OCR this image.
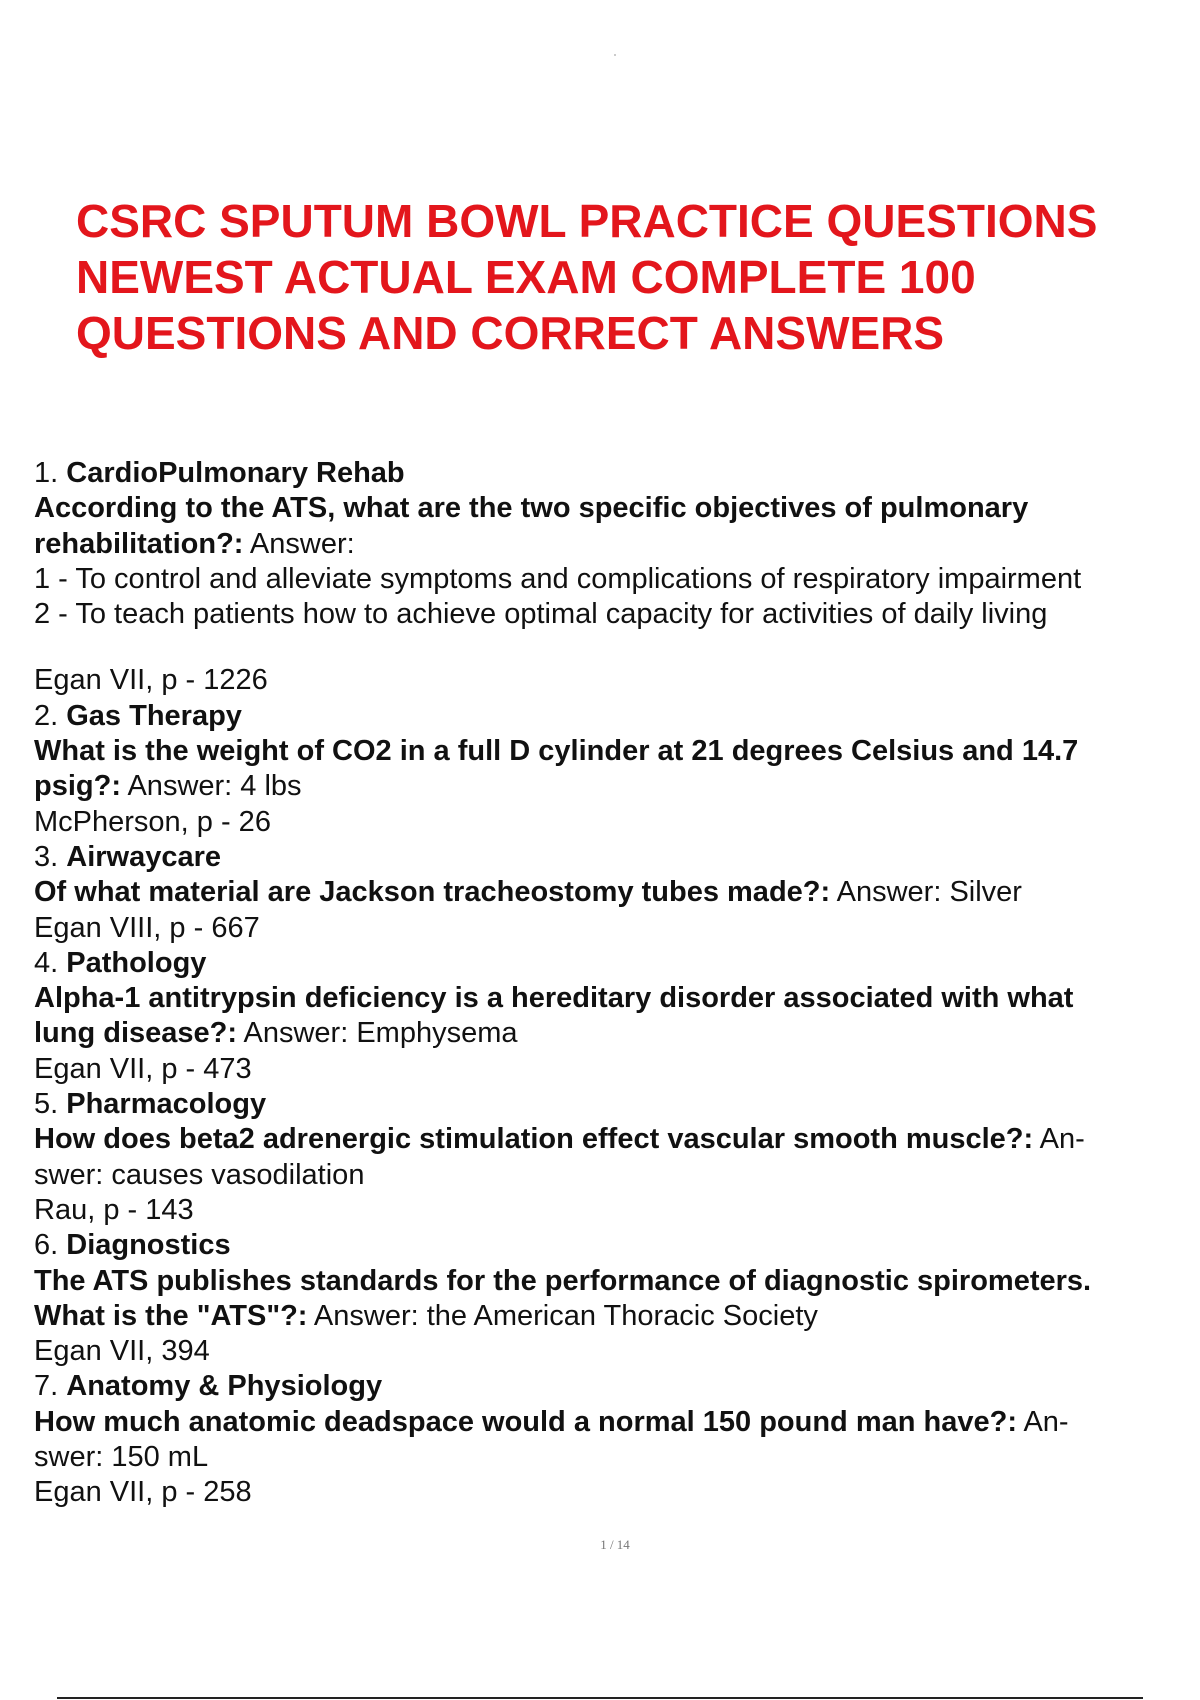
CSRC SPUTUM BOWL PRACTICE QUESTIONS
NEWEST ACTUAL EXAM COMPLETE 100
QUESTIONS AND CORRECT ANSWERS
1. CardioPulmonary Rehab
According to the ATS, what are the two specific objectives of pulmonary
rehabilitation?: Answer:
1 - To control and alleviate symptoms and complications of respiratory impairment
2 - To teach patients how to achieve optimal capacity for activities of daily living
Egan VII, p - 1226
2. Gas Therapy
What is the weight of CO2 in a full D cylinder at 21 degrees Celsius and 14.7
psig?: Answer: 4 lbs
McPherson, p - 26
3. Airwaycare
Of what material are Jackson tracheostomy tubes made?: Answer: Silver
Egan VIII, p - 667
4. Pathology
Alpha-1 antitrypsin deficiency is a hereditary disorder associated with what
lung disease?: Answer: Emphysema
Egan VII, p - 473
5. Pharmacology
How does beta2 adrenergic stimulation effect vascular smooth muscle?: An-
swer: causes vasodilation
Rau, p - 143
6. Diagnostics
The ATS publishes standards for the performance of diagnostic spirometers.
What is the "ATS"?: Answer: the American Thoracic Society
Egan VII, 394
7. Anatomy & Physiology
How much anatomic deadspace would a normal 150 pound man have?: An-
swer: 150 mL
Egan VII, p - 258
1 / 14
